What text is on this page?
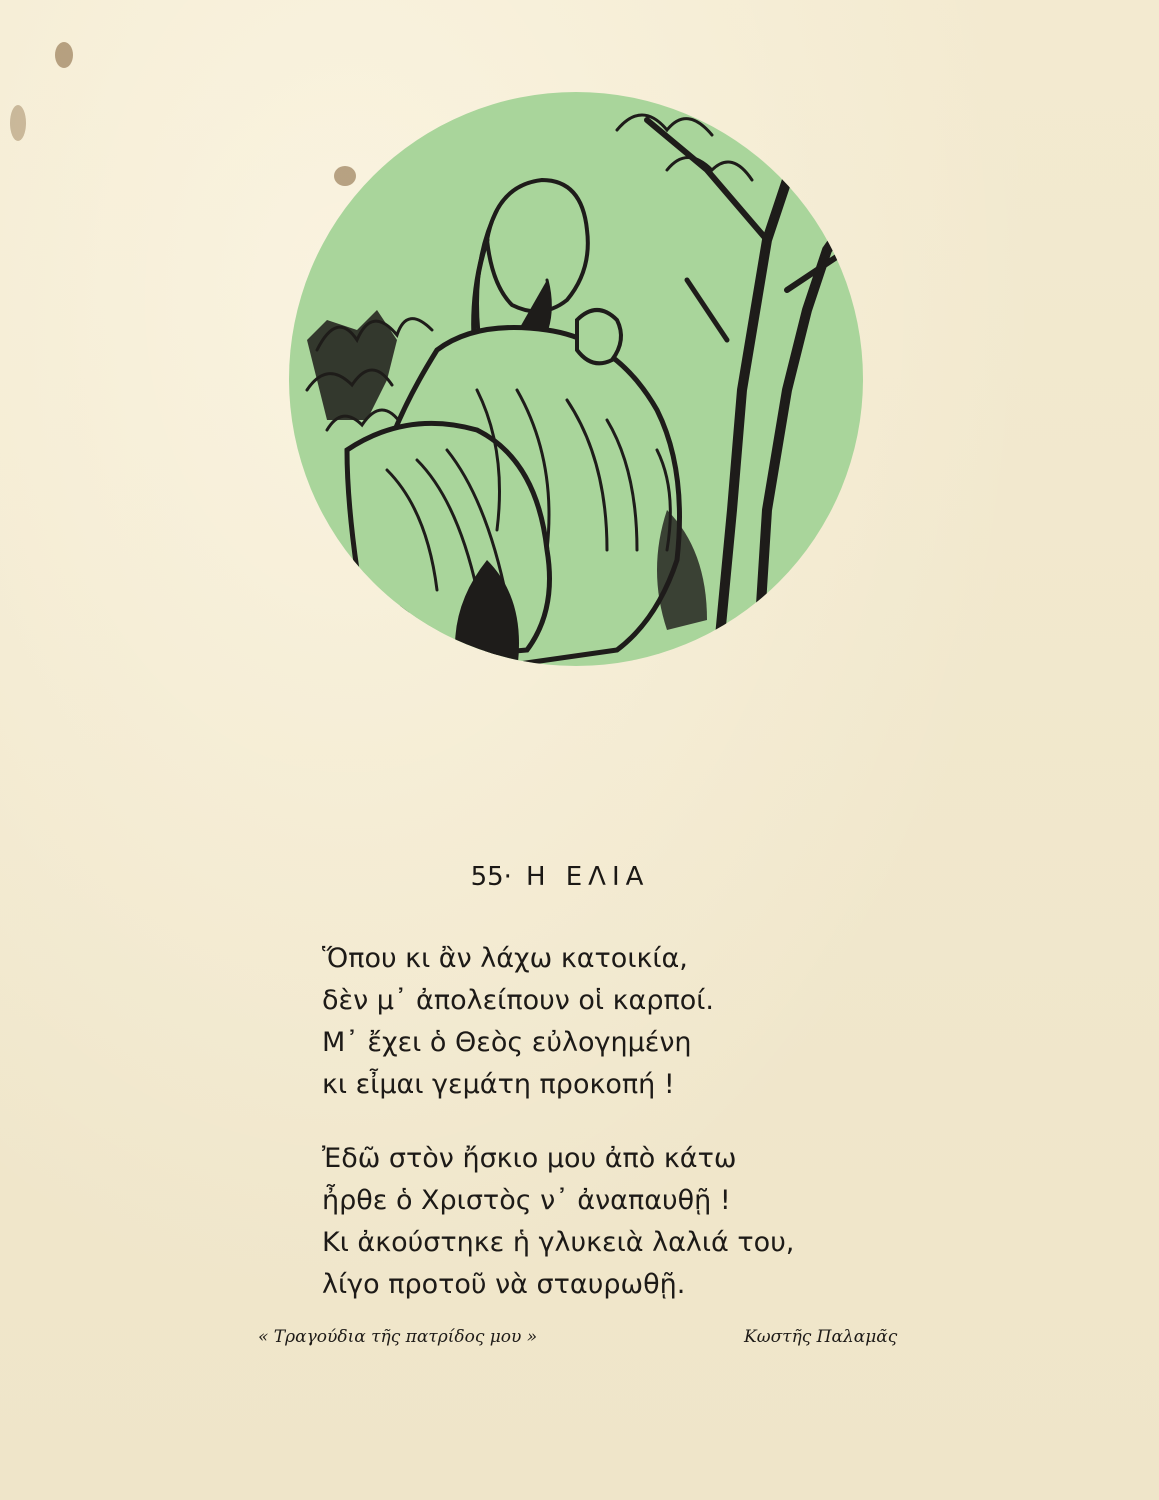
55· Η ΕΛΙΑ
Ὅπου κι ἂν λάχω κατοικία,
δὲν μ᾽ ἀπολείπουν οἱ καρποί.
Μ᾽ ἔχει ὁ Θεὸς εὐλογημένη
κι εἶμαι γεμάτη προκοπή !
Ἐδῶ στὸν ἤσκιο μου ἀπὸ κάτω
ἦρθε ὁ Χριστὸς ν᾽ ἀναπαυθῇ !
Κι ἀκούστηκε ἡ γλυκειὰ λαλιά του,
λίγο προτοῦ νὰ σταυρωθῇ.
« Τραγούδια τῆς πατρίδος μου »	Κωστῆς Παλαμᾶς
